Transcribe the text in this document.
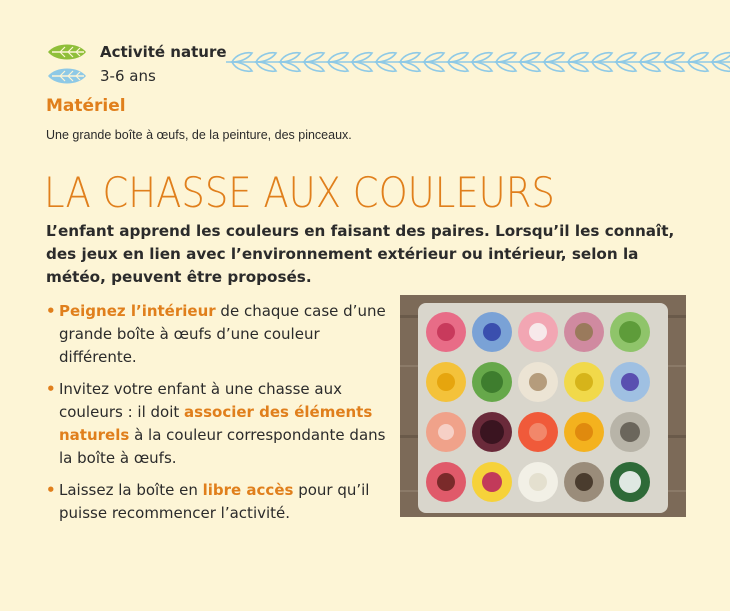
Activité nature
3-6 ans
Matériel
Une grande boîte à œufs, de la peinture, des pinceaux.
LA CHASSE AUX COULEURS
L’enfant apprend les couleurs en faisant des paires. Lorsqu’il les connaît, des jeux en lien avec l’environnement extérieur ou intérieur, selon la météo, peuvent être proposés.
• Peignez l’intérieur de chaque case d’une grande boîte à œufs d’une couleur différente.
• Invitez votre enfant à une chasse aux couleurs : il doit associer des éléments naturels à la couleur correspondante dans la boîte à œufs.
• Laissez la boîte en libre accès pour qu’il puisse recommencer l’activité.
